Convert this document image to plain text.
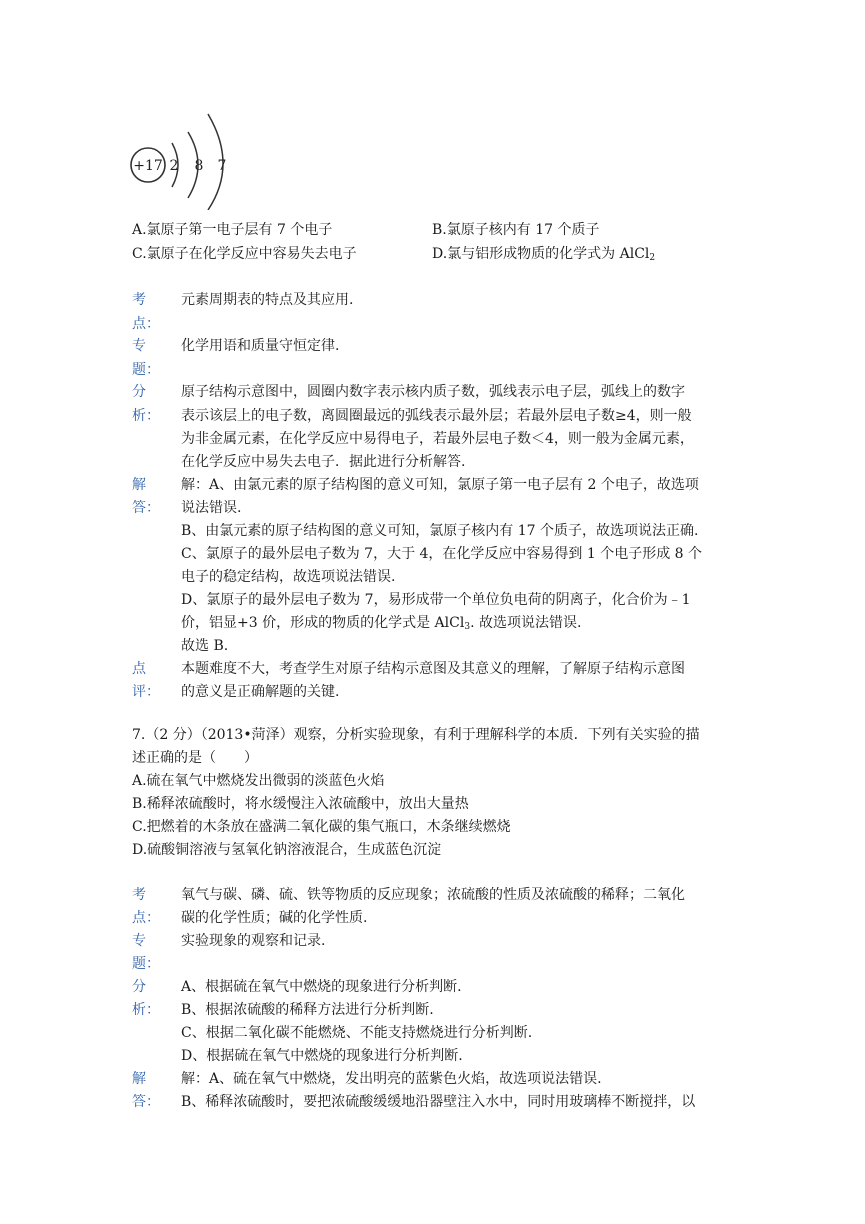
+17 2 8 7
A.氯原子第一电子层有 7 个电子	B.氯原子核内有 17 个质子
C.氯原子在化学反应中容易失去电子	D.氯与铝形成物质的化学式为 AlCl$_2$
考
点：
元素周期表的特点及其应用.
专
题：
化学用语和质量守恒定律.
分
析：
原子结构示意图中，圆圈内数字表示核内质子数，弧线表示电子层，弧线上的数字
表示该层上的电子数，离圆圈最远的弧线表示最外层；若最外层电子数≥4，则一般
为非金属元素，在化学反应中易得电子，若最外层电子数＜4，则一般为金属元素，
在化学反应中易失去电子．据此进行分析解答.
解
答：
解：A、由氯元素的原子结构图的意义可知，氯原子第一电子层有 2 个电子，故选项
说法错误.
B、由氯元素的原子结构图的意义可知，氯原子核内有 17 个质子，故选项说法正确.
C、氯原子的最外层电子数为 7，大于 4，在化学反应中容易得到 1 个电子形成 8 个
电子的稳定结构，故选项说法错误.
D、氯原子的最外层电子数为 7，易形成带一个单位负电荷的阴离子，化合价为﹣1
价，铝显+3 价，形成的物质的化学式是 AlCl$_3$. 故选项说法错误.
故选 B.
点
评：
本题难度不大，考查学生对原子结构示意图及其意义的理解，了解原子结构示意图
的意义是正确解题的关键.
7.（2 分）（2013•菏泽）观察，分析实验现象，有利于理解科学的本质．下列有关实验的描
述正确的是（　　）
A.硫在氧气中燃烧发出微弱的淡蓝色火焰
B.稀释浓硫酸时，将水缓慢注入浓硫酸中，放出大量热
C.把燃着的木条放在盛满二氧化碳的集气瓶口，木条继续燃烧
D.硫酸铜溶液与氢氧化钠溶液混合，生成蓝色沉淀
考
点：
氧气与碳、磷、硫、铁等物质的反应现象；浓硫酸的性质及浓硫酸的稀释；二氧化
碳的化学性质；碱的化学性质.
专
题：
实验现象的观察和记录.
分
析：
A、根据硫在氧气中燃烧的现象进行分析判断.
B、根据浓硫酸的稀释方法进行分析判断.
C、根据二氧化碳不能燃烧、不能支持燃烧进行分析判断.
D、根据硫在氧气中燃烧的现象进行分析判断.
解
答：
解：A、硫在氧气中燃烧，发出明亮的蓝紫色火焰，故选项说法错误.
B、稀释浓硫酸时，要把浓硫酸缓缓地沿器壁注入水中，同时用玻璃棒不断搅拌，以
